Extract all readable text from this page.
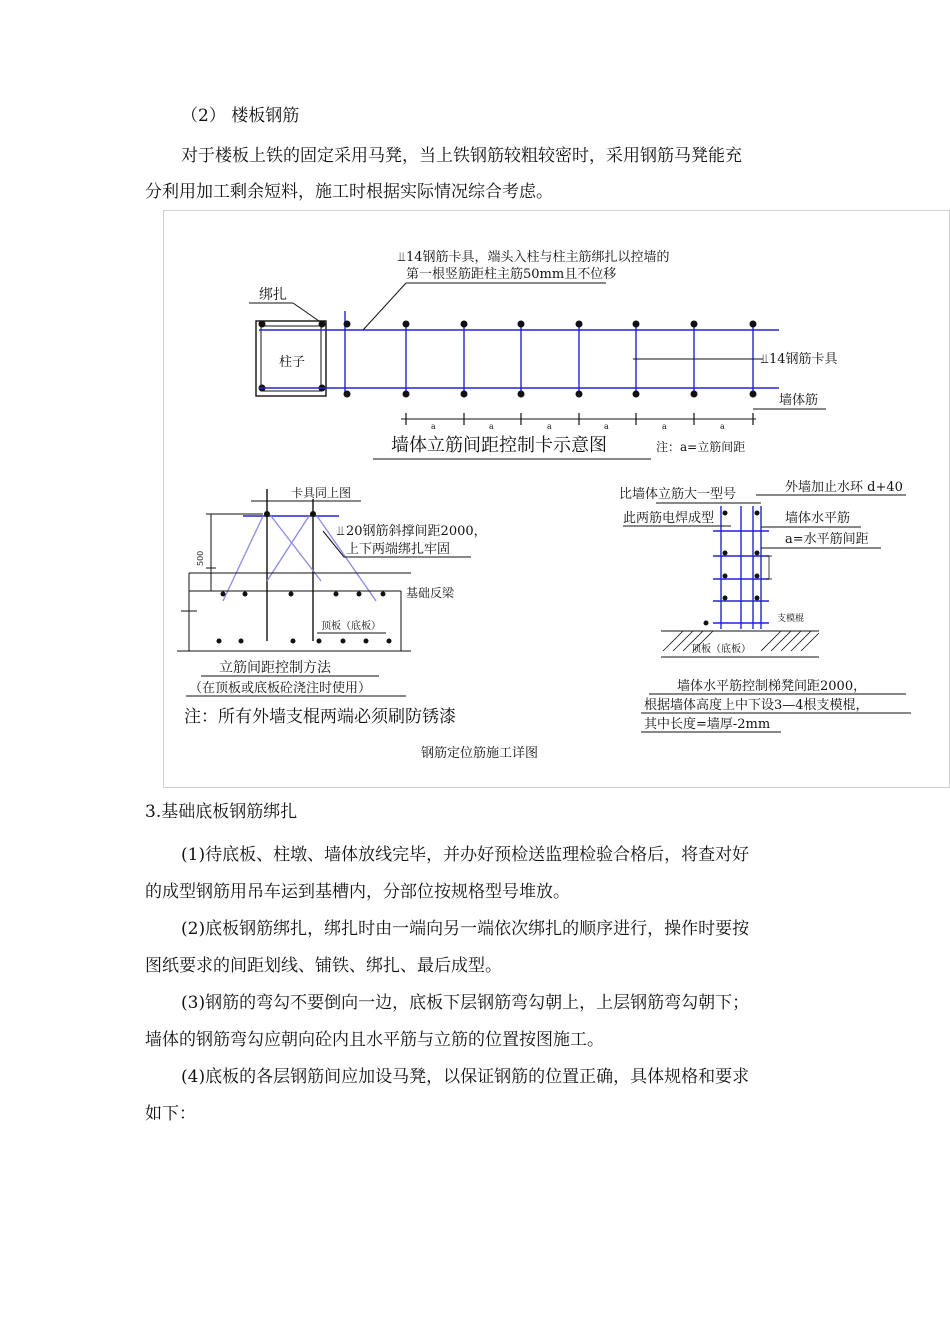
（2） 楼板钢筋

对于楼板上铁的固定采用马凳，当上铁钢筋较粗较密时，采用钢筋马凳能充

分利用加工剩余短料，施工时根据实际情况综合考虑。

柱子
绑扎
14钢筋卡具，端头入柱与柱主筋绑扎以控墙的
第一根竖筋距柱主筋50mm且不位移
⫫
⫫ 14钢筋卡具
墙体筋
a	a	a	a	a	a
墙体立筋间距控制卡示意图	注：a=立筋间距
卡具同上图
500
⫫ 20钢筋斜撑间距2000，
上下两端绑扎牢固
基础反梁
顶板（底板）
立筋间距控制方法
（在顶板或底板砼浇注时使用）
注：所有外墙支棍两端必须刷防锈漆
比墙体立筋大一型号	外墙加止水环 d+40
此两筋电焊成型	墙体水平筋
a=水平筋间距
支模棍
顶板（底板）
墙体水平筋控制梯凳间距2000，
根据墙体高度上中下设3—4根支模棍，
其中长度=墙厚-2mm
钢筋定位筋施工详图

3.基础底板钢筋绑扎

(1)待底板、柱墩、墙体放线完毕，并办好预检送监理检验合格后，将查对好

的成型钢筋用吊车运到基槽内，分部位按规格型号堆放。

(2)底板钢筋绑扎，绑扎时由一端向另一端依次绑扎的顺序进行，操作时要按

图纸要求的间距划线、铺铁、绑扎、最后成型。

(3)钢筋的弯勾不要倒向一边，底板下层钢筋弯勾朝上，上层钢筋弯勾朝下；

墙体的钢筋弯勾应朝向砼内且水平筋与立筋的位置按图施工。

(4)底板的各层钢筋间应加设马凳，以保证钢筋的位置正确，具体规格和要求

如下：
